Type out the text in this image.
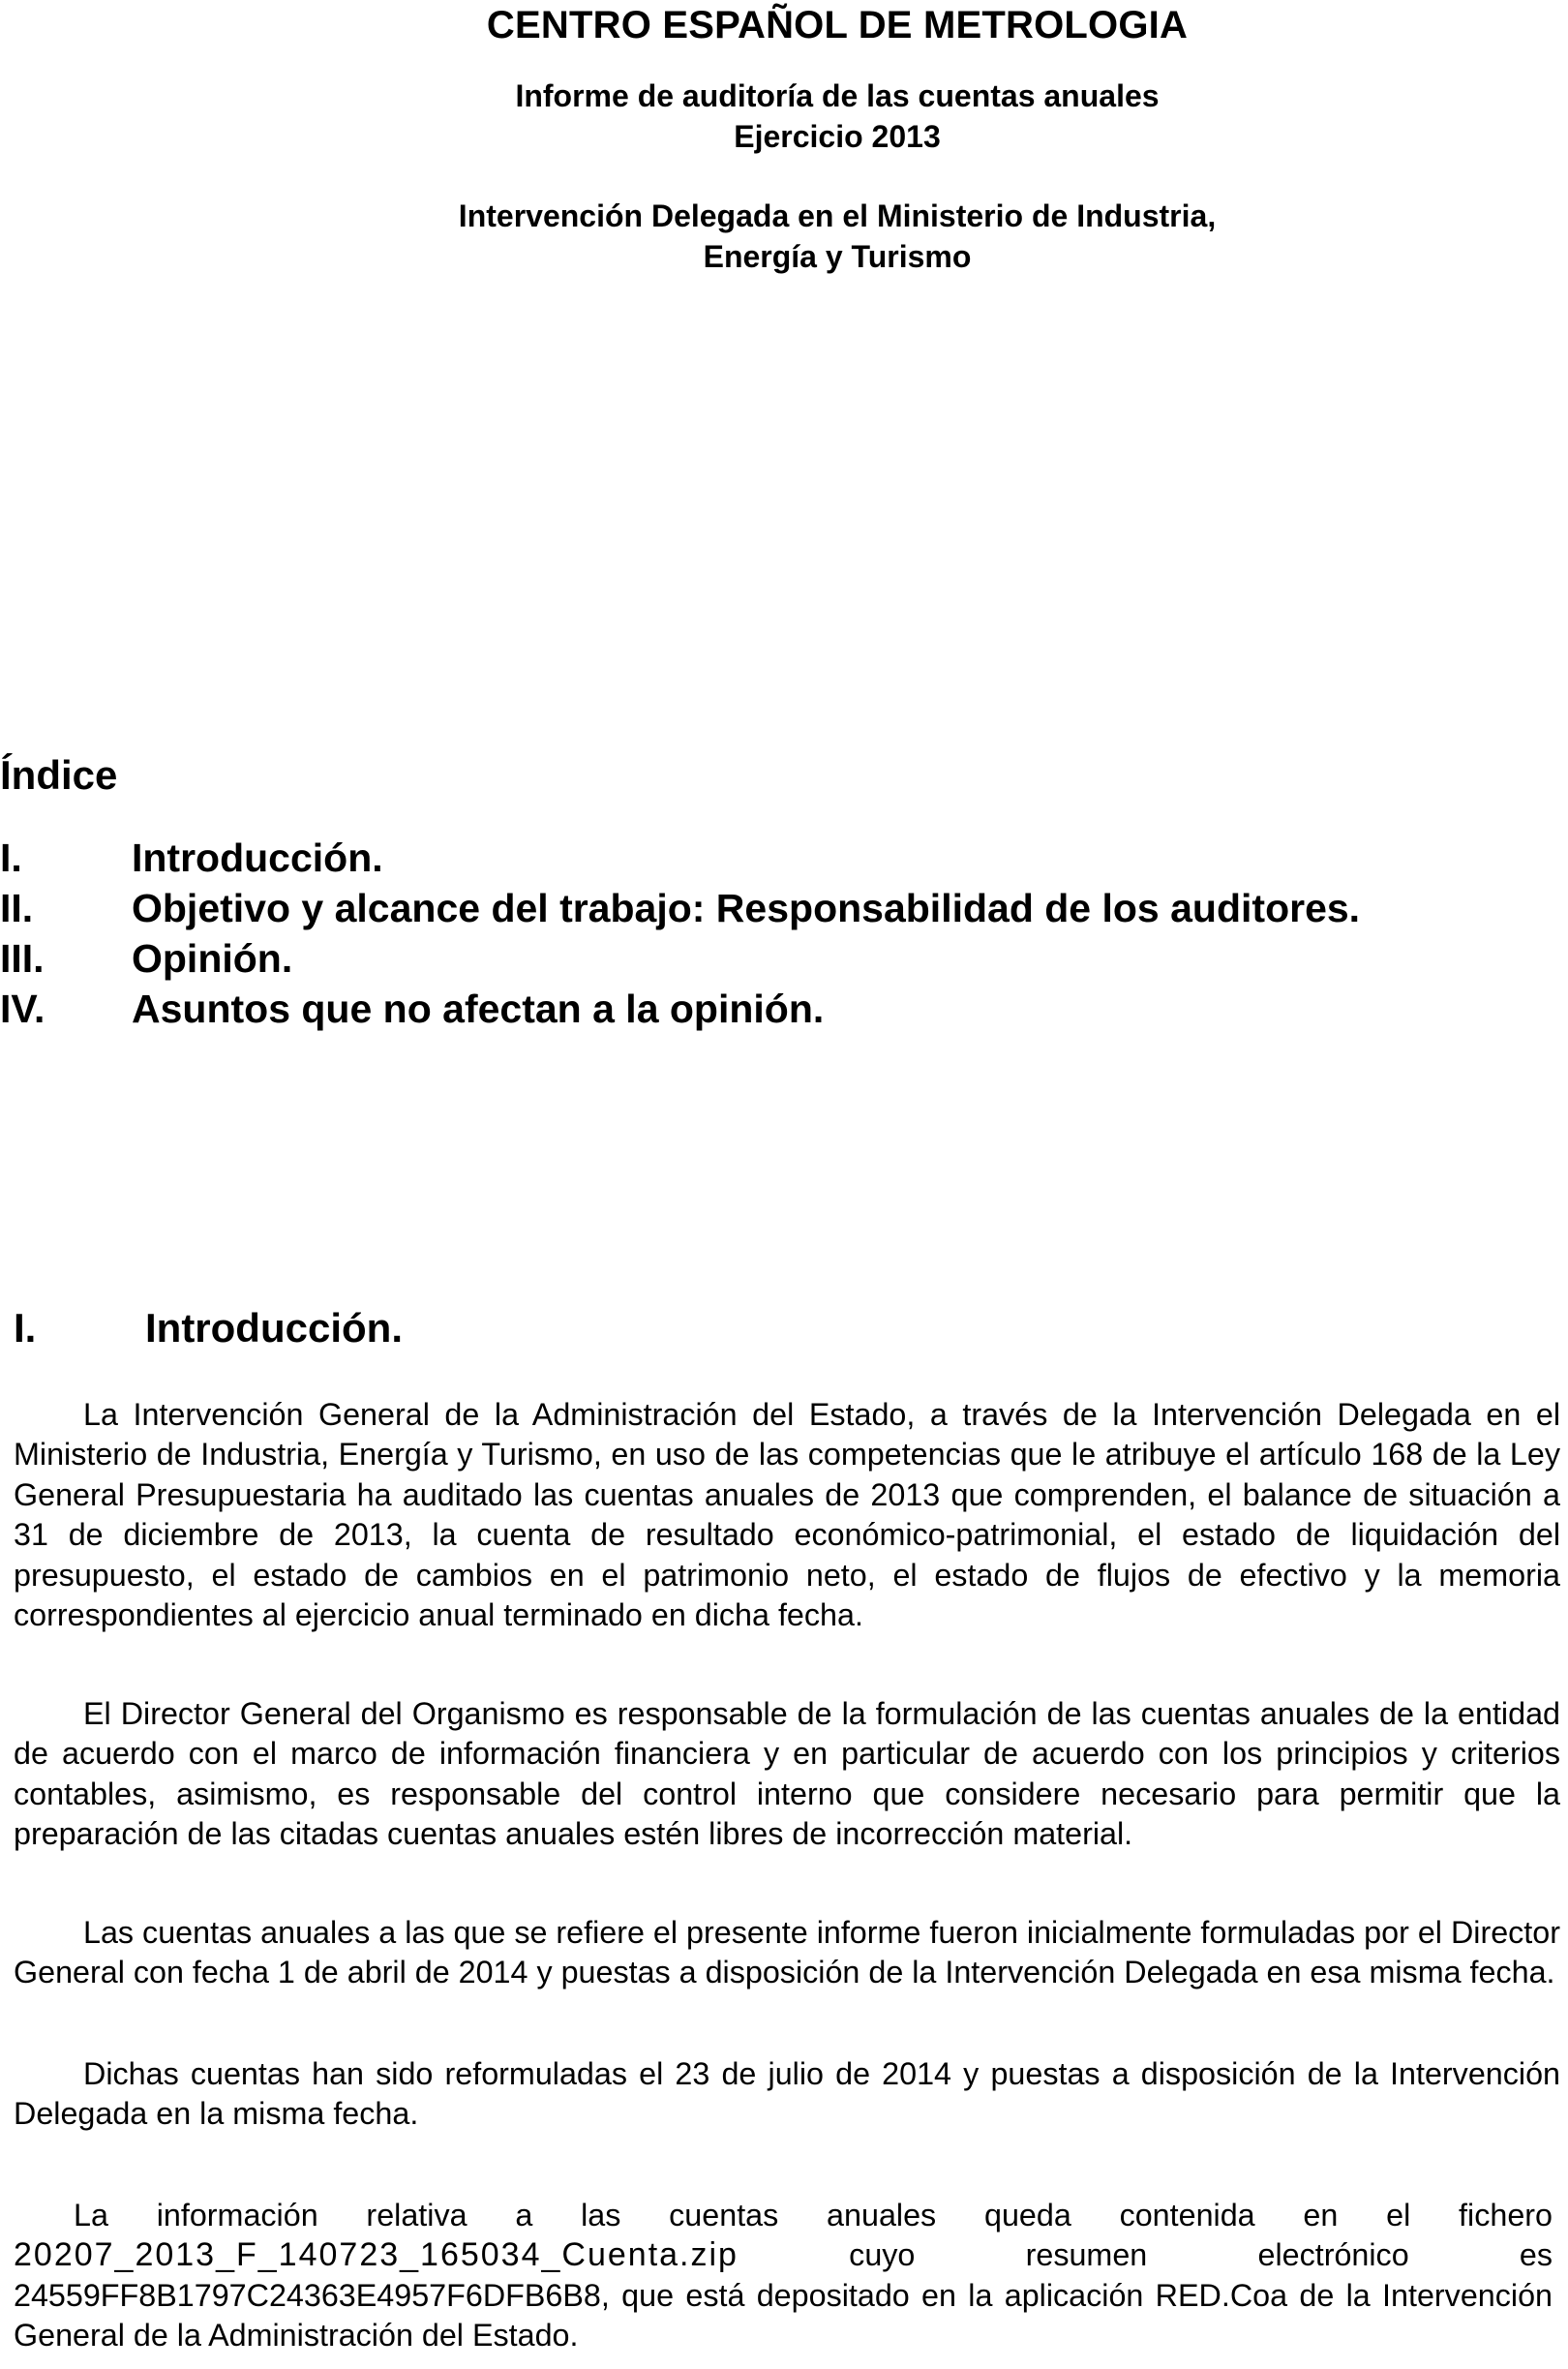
CENTRO ESPAÑOL DE METROLOGIA
Informe de auditoría de las cuentas anuales
Ejercicio 2013
Intervención Delegada en el Ministerio de Industria,
Energía y Turismo
Índice
I.	Introducción.
II. Objetivo y alcance del trabajo: Responsabilidad de los auditores.
III. Opinión.
IV. Asuntos que no afectan a la opinión.
I.	Introducción.

La Intervención General de la Administración del Estado, a través de la Intervención Delegada en el Ministerio de Industria, Energía y Turismo, en uso de las competencias que le atribuye el artículo 168 de la Ley General Presupuestaria ha auditado las cuentas anuales de 2013 que comprenden, el balance de situación a 31 de diciembre de 2013, la cuenta de resultado económico-patrimonial, el estado de liquidación del presupuesto, el estado de cambios en el patrimonio neto, el estado de flujos de efectivo y la memoria correspondientes al ejercicio anual terminado en dicha fecha.

El Director General del Organismo es responsable de la formulación de las cuentas anuales de la entidad de acuerdo con el marco de información financiera y en particular de acuerdo con los principios y criterios contables, asimismo, es responsable del control interno que considere necesario para permitir que la preparación de las citadas cuentas anuales estén libres de incorrección material.

Las cuentas anuales a las que se refiere el presente informe fueron inicialmente formuladas por el Director General con fecha 1 de abril de 2014 y puestas a disposición de la Intervención Delegada en esa misma fecha.

Dichas cuentas han sido reformuladas el 23 de julio de 2014 y puestas a disposición de la Intervención Delegada en la misma fecha.

La información relativa a las cuentas anuales queda contenida en el fichero 20207_2013_F_140723_165034_Cuenta.zip	cuyo resumen electrónico es 24559FF8B1797C24363E4957F6DFB6B8, que está depositado en la aplicación RED.Coa de la Intervención General de la Administración del Estado.
